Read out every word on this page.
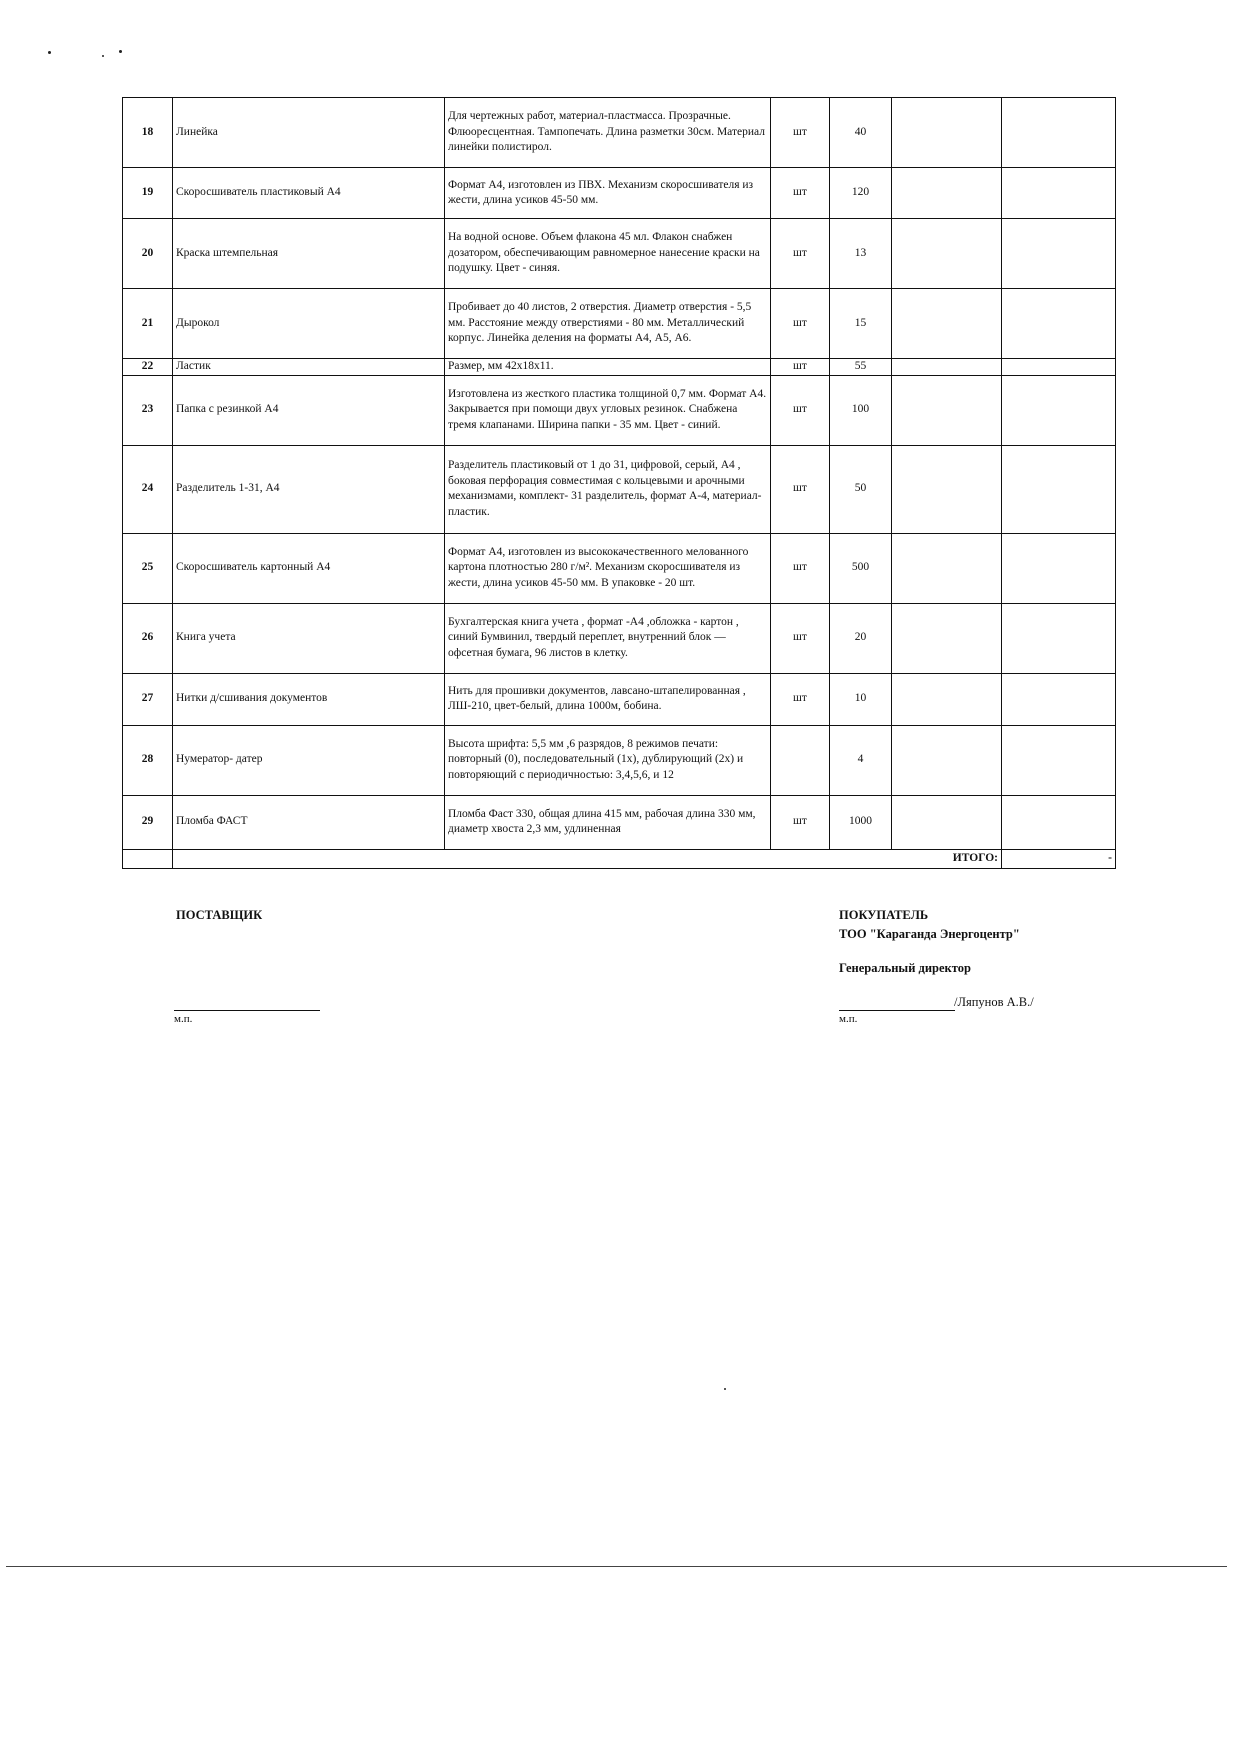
18	Линейка	Для чертежных работ, материал-пластмасса. Прозрачные. Флюоресцентная. Тампопечать. Длина разметки 30см. Материал линейки полистирол.	шт	40		
19	Скоросшиватель пластиковый А4	Формат А4, изготовлен из ПВХ. Механизм скоросшивателя из жести, длина усиков 45-50 мм.	шт	120		
20	Краска штемпельная	На водной основе. Объем флакона 45 мл. Флакон снабжен дозатором, обеспечивающим равномерное нанесение краски на подушку. Цвет - синяя.	шт	13		
21	Дырокол	Пробивает до 40 листов, 2 отверстия. Диаметр отверстия - 5,5 мм. Расстояние между отверстиями - 80 мм. Металлический корпус. Линейка деления на форматы А4, А5, А6.	шт	15		
22	Ластик	Размер, мм 42х18х11.	шт	55		
23	Папка с резинкой А4	Изготовлена из жесткого пластика толщиной 0,7 мм. Формат А4. Закрывается при помощи двух угловых резинок. Снабжена тремя клапанами. Ширина папки - 35 мм. Цвет - синий.	шт	100		
24	Разделитель 1-31, А4	Разделитель пластиковый от 1 до 31, цифровой, серый, А4 , боковая перфорация совместимая с кольцевыми и арочными механизмами, комплект- 31 разделитель, формат А-4, материал-пластик.	шт	50		
25	Скоросшиватель картонный А4	Формат А4, изготовлен из высококачественного мелованного картона плотностью 280 г/м². Механизм скоросшивателя из жести, длина усиков 45-50 мм. В упаковке - 20 шт.	шт	500		
26	Книга учета	Бухгалтерская книга учета , формат -А4 ,обложка - картон , синий Бумвинил, твердый переплет, внутренний блок — офсетная бумага, 96 листов в клетку.	шт	20		
27	Нитки д/сшивания документов	Нить для прошивки документов, лавсано-штапелированная , ЛШ-210, цвет-белый, длина 1000м, бобина.	шт	10		
28	Нумератор- датер	Высота шрифта: 5,5 мм ,6 разрядов, 8 режимов печати: повторный (0), последовательный (1х), дублирующий (2х) и повторяющий с периодичностью: 3,4,5,6, и 12		4		
29	Пломба ФАСТ	Пломба Фаст 330, общая длина 415 мм, рабочая длина 330 мм, диаметр хвоста 2,3 мм, удлиненная	шт	1000		
	ИТОГО:					-
ПОСТАВЩИК
м.п.
ПОКУПАТЕЛЬ
ТОО "Караганда Энергоцентр"
Генеральный директор
/Ляпунов А.В./
м.п.
